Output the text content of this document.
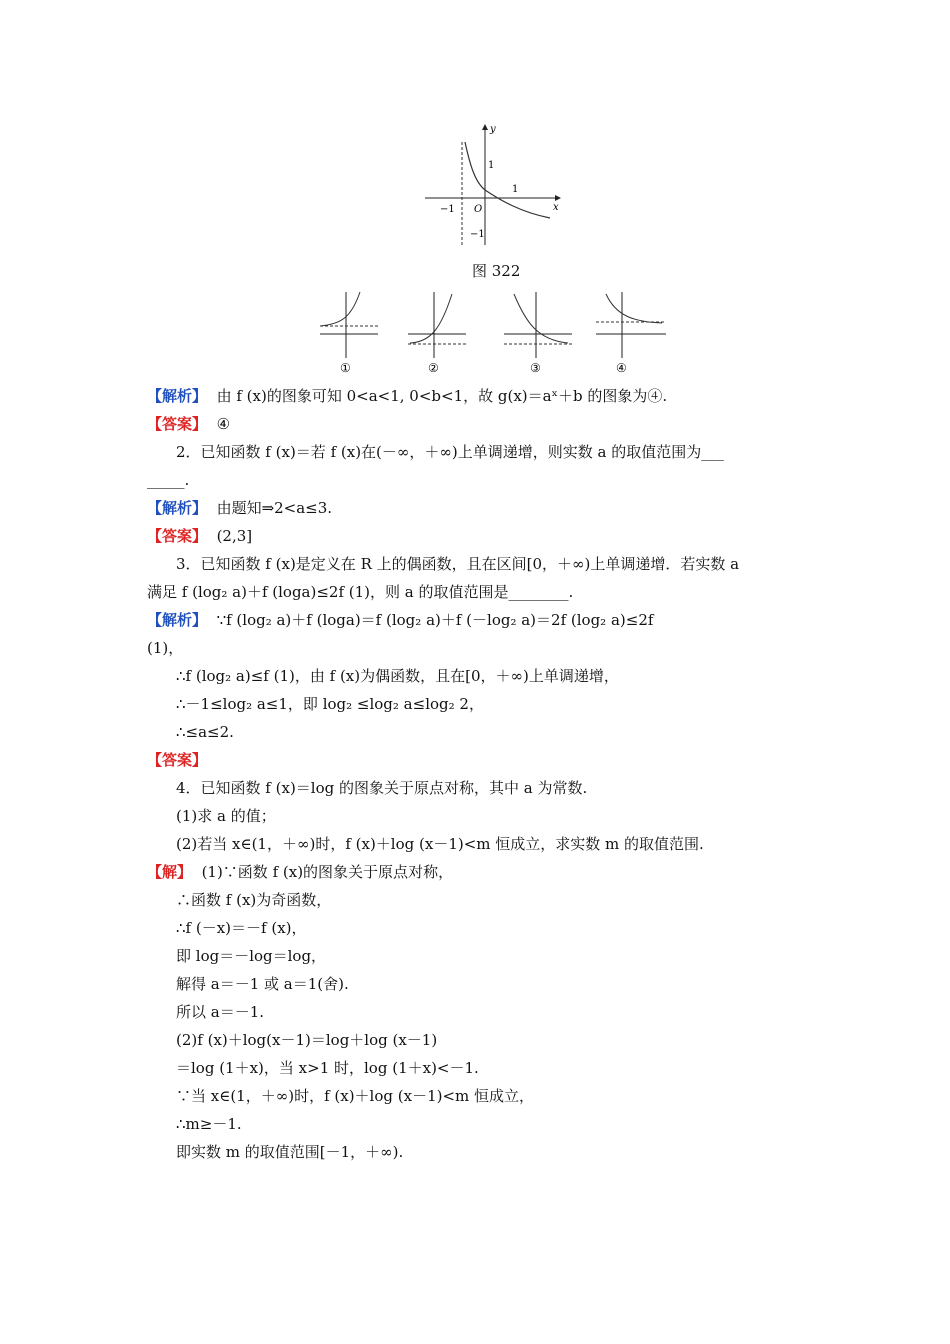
y
x
1
1
−1 O
−1
图 322
①	②	③	④
【解析】 由 f (x)的图象可知 0<a<1, 0<b<1，故 g(x)＝aˣ＋b 的图象为④.
【答案】 ④
2．已知函数 f (x)＝若 f (x)在(－∞，＋∞)上单调递增，则实数 a 的取值范围为___
_____.
【解析】 由题知⇒2<a≤3.
【答案】 (2,3]
3．已知函数 f (x)是定义在 R 上的偶函数，且在区间[0，＋∞)上单调递增．若实数 a
满足 f (log₂ a)＋f (loga)≤2f (1)，则 a 的取值范围是________.
【解析】 ∵f (log₂ a)＋f (loga)＝f (log₂ a)＋f (－log₂ a)＝2f (log₂ a)≤2f
(1)，
∴f (log₂ a)≤f (1)，由 f (x)为偶函数，且在[0，＋∞)上单调递增，
∴－1≤log₂ a≤1，即 log₂ ≤log₂ a≤log₂ 2，
∴≤a≤2.
【答案】
4．已知函数 f (x)＝log 的图象关于原点对称，其中 a 为常数.
(1)求 a 的值；
(2)若当 x∈(1，＋∞)时，f (x)＋log (x－1)<m 恒成立，求实数 m 的取值范围.
【解】 (1)∵函数 f (x)的图象关于原点对称，
∴函数 f (x)为奇函数，
∴f (－x)＝－f (x)，
即 log＝－log＝log，
解得 a＝－1 或 a＝1(舍).
所以 a＝－1.
(2)f (x)＋log(x－1)＝log＋log (x－1)
＝log (1＋x)，当 x>1 时，log (1＋x)<－1.
∵当 x∈(1，＋∞)时，f (x)＋log (x－1)<m 恒成立，
∴m≥－1.
即实数 m 的取值范围[－1，＋∞).
